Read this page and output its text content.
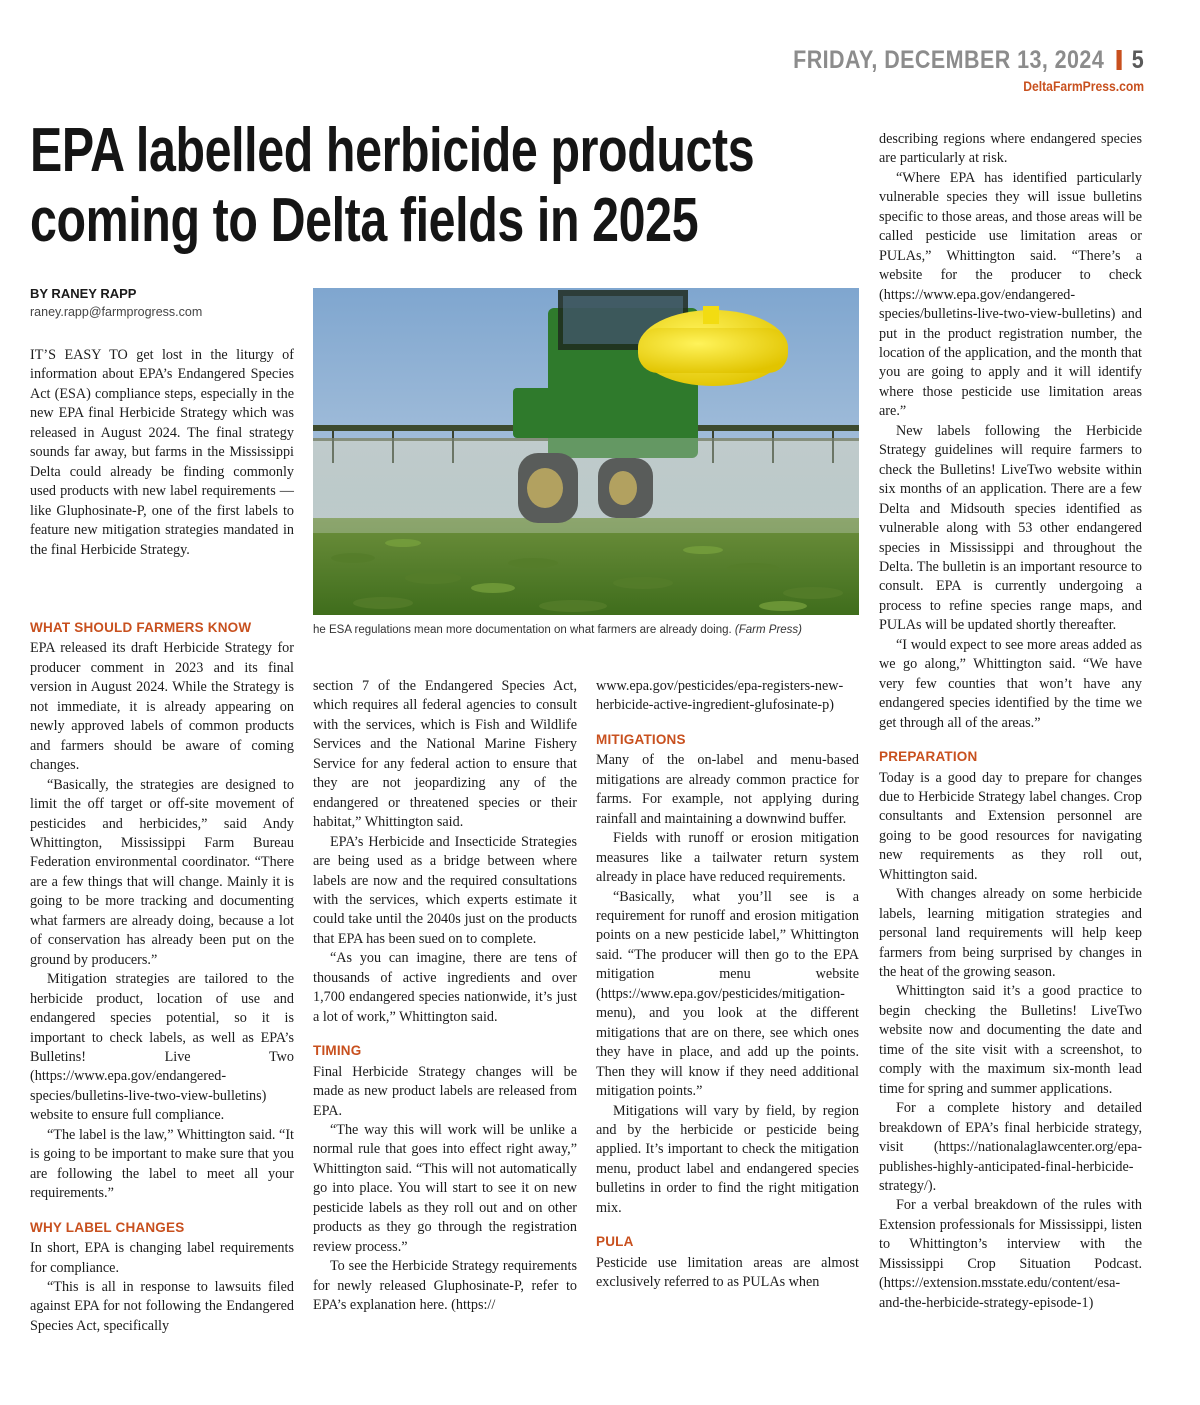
FRIDAY, DECEMBER 13, 2024 5
DeltaFarmPress.com
EPA labelled herbicide products
coming to Delta fields in 2025
BY RANEY RAPP
raney.rapp@farmprogress.com
he ESA regulations mean more documentation on what farmers are already doing. (Farm Press)

IT’S EASY TO get lost in the liturgy of information about EPA’s Endangered Species Act (ESA) compliance steps, especially in the new EPA final Herbicide Strategy which was released in August 2024. The final strategy sounds far away, but farms in the Mississippi Delta could already be finding commonly used products with new label requirements — like Gluphosinate-P, one of the first labels to feature new mitigation strategies mandated in the final Herbicide Strategy.

WHAT SHOULD FARMERS KNOW

EPA released its draft Herbicide Strategy for producer comment in 2023 and its final version in August 2024. While the Strategy is not immediate, it is already appearing on newly approved labels of common products and farmers should be aware of coming changes.

“Basically, the strategies are designed to limit the off target or off-site movement of pesticides and herbicides,” said Andy Whittington, Mississippi Farm Bureau Federation environmental coordinator. “There are a few things that will change. Mainly it is going to be more tracking and documenting what farmers are already doing, because a lot of conservation has already been put on the ground by producers.”

Mitigation strategies are tailored to the herbicide product, location of use and endangered species potential, so it is important to check labels, as well as EPA’s Bulletins! Live Two (https://www.epa.gov/endangered-species/bulletins-live-two-view-bulletins) website to ensure full compliance.

“The label is the law,” Whittington said. “It is going to be important to make sure that you are following the label to meet all your requirements.”

WHY LABEL CHANGES

In short, EPA is changing label requirements for compliance.

“This is all in response to lawsuits filed against EPA for not following the Endangered Species Act, specifically

section 7 of the Endangered Species Act, which requires all federal agencies to consult with the services, which is Fish and Wildlife Services and the National Marine Fishery Service for any federal action to ensure that they are not jeopardizing any of the endangered or threatened species or their habitat,” Whittington said.

EPA’s Herbicide and Insecticide Strategies are being used as a bridge between where labels are now and the required consultations with the services, which experts estimate it could take until the 2040s just on the products that EPA has been sued on to complete.

“As you can imagine, there are tens of thousands of active ingredients and over 1,700 endangered species nationwide, it’s just a lot of work,” Whittington said.

TIMING

Final Herbicide Strategy changes will be made as new product labels are released from EPA.

“The way this will work will be unlike a normal rule that goes into effect right away,” Whittington said. “This will not automatically go into place. You will start to see it on new pesticide labels as they roll out and on other products as they go through the registration review process.”

To see the Herbicide Strategy requirements for newly released Gluphosinate-P, refer to EPA’s explanation here. (https://

www.epa.gov/pesticides/epa-registers-new-herbicide-active-ingredient-glufosinate-p)

MITIGATIONS

Many of the on-label and menu-based mitigations are already common practice for farms. For example, not applying during rainfall and maintaining a downwind buffer.

Fields with runoff or erosion mitigation measures like a tailwater return system already in place have reduced requirements.

“Basically, what you’ll see is a requirement for runoff and erosion mitigation points on a new pesticide label,” Whittington said. “The producer will then go to the EPA mitigation menu website (https://www.epa.gov/pesticides/mitigation-menu), and you look at the different mitigations that are on there, see which ones they have in place, and add up the points. Then they will know if they need additional mitigation points.”

Mitigations will vary by field, by region and by the herbicide or pesticide being applied. It’s important to check the mitigation menu, product label and endangered species bulletins in order to find the right mitigation mix.

PULA

Pesticide use limitation areas are almost exclusively referred to as PULAs when

describing regions where endangered species are particularly at risk.

“Where EPA has identified particularly vulnerable species they will issue bulletins specific to those areas, and those areas will be called pesticide use limitation areas or PULAs,” Whittington said. “There’s a website for the producer to check (https://www.epa.gov/endangered-species/bulletins-live-two-view-bulletins) and put in the product registration number, the location of the application, and the month that you are going to apply and it will identify where those pesticide use limitation areas are.”

New labels following the Herbicide Strategy guidelines will require farmers to check the Bulletins! LiveTwo website within six months of an application. There are a few Delta and Midsouth species identified as vulnerable along with 53 other endangered species in Mississippi and throughout the Delta. The bulletin is an important resource to consult. EPA is currently undergoing a process to refine species range maps, and PULAs will be updated shortly thereafter.

“I would expect to see more areas added as we go along,” Whittington said. “We have very few counties that won’t have any endangered species identified by the time we get through all of the areas.”

PREPARATION

Today is a good day to prepare for changes due to Herbicide Strategy label changes. Crop consultants and Extension personnel are going to be good resources for navigating new requirements as they roll out, Whittington said.

With changes already on some herbicide labels, learning mitigation strategies and personal land requirements will help keep farmers from being surprised by changes in the heat of the growing season.

Whittington said it’s a good practice to begin checking the Bulletins! LiveTwo website now and documenting the date and time of the site visit with a screenshot, to comply with the maximum six-month lead time for spring and summer applications.

For a complete history and detailed breakdown of EPA’s final herbicide strategy, visit (https://nationalaglawcenter.org/epa-publishes-highly-anticipated-final-herbicide-strategy/).

For a verbal breakdown of the rules with Extension professionals for Mississippi, listen to Whittington’s interview with the Mississippi Crop Situation Podcast. (https://extension.msstate.edu/content/esa-and-the-herbicide-strategy-episode-1)
